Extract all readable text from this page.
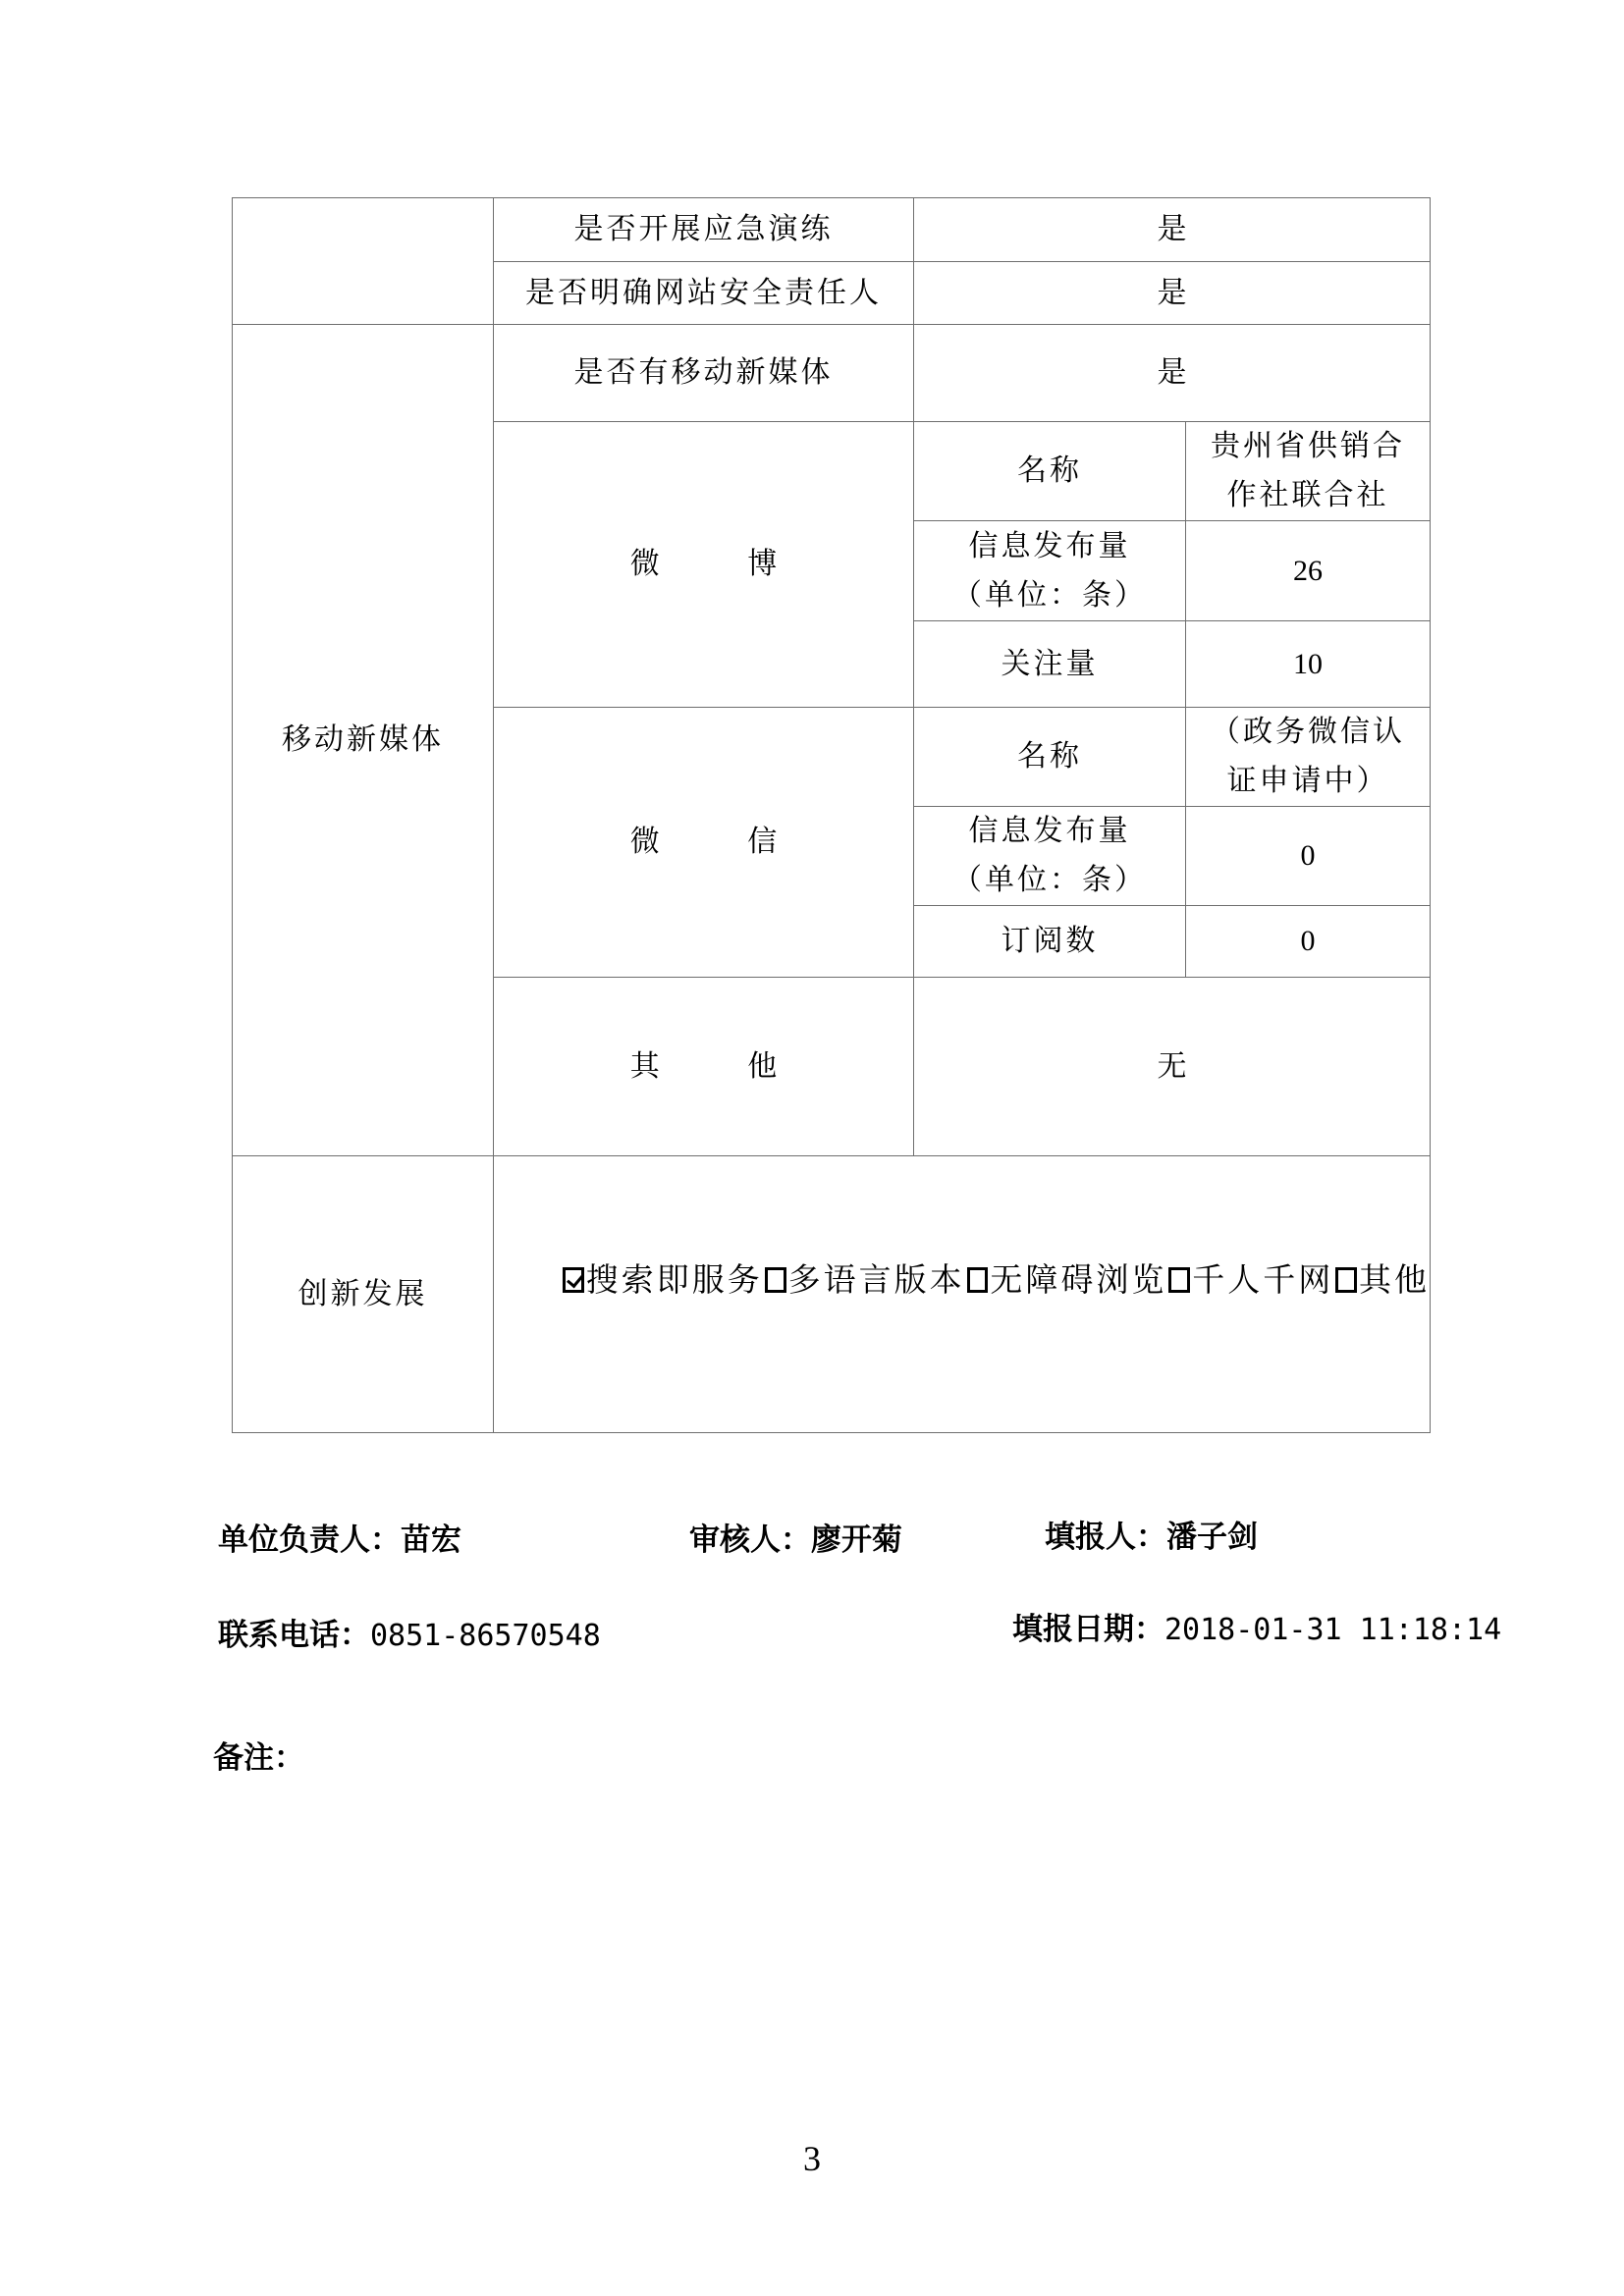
	是否开展应急演练	是	
	是否明确网站安全责任人	是	
移动新媒体	是否有移动新媒体	是	
	微 博	名称	贵州省供销合
作社联合社

		信息发布量
（单位：条）	26
		关注量	10
	微 信	名称	（政务微信认
证申请中）

		信息发布量
（单位：条）	0
		订阅数	0
	其 他	无	
创新发展	搜索即服务 多语言版本 无障碍浏览 千人千网 其他		
单位负责人：苗宏	审核人：廖开菊	填报人：潘子剑
联系电话：0851-86570548	填报日期：2018-01-31 11:18:14
备注：
3
